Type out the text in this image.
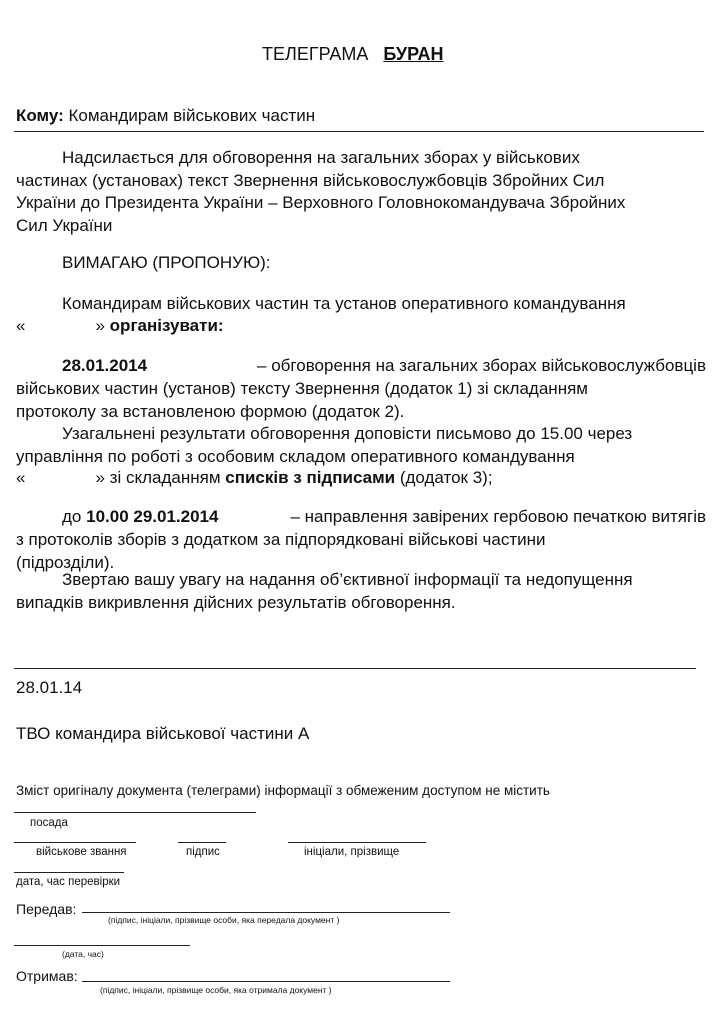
ТЕЛЕГРАМА БУРАН
Кому: Командирам військових частин
Надсилається для обговорення на загальних зборах у військових
частинах (установах) текст Звернення військовослужбовців Збройних Сил
України до Президента України – Верховного Головнокомандувача Збройних
Сил України
ВИМАГАЮ (ПРОПОНУЮ):
Командирам військових частин та установ оперативного командування
«	» організувати:
28.01.2014	– обговорення на загальних зборах військовослужбовців
військових частин (установ) тексту Звернення (додаток 1) зі складанням
протоколу за встановленою формою (додаток 2).
Узагальнені результати обговорення доповісти письмово до 15.00 через
управління по роботі з особовим складом оперативного командування
«	» зі складанням списків з підписами (додаток 3);
до 10.00 29.01.2014	– направлення завірених гербовою печаткою витягів
з протоколів зборів з додатком за підпорядковані військові частини
(підрозділи).
Звертаю вашу увагу на надання об’єктивної інформації та недопущення
випадків викривлення дійсних результатів обговорення.
28.01.14
ТВО командира військової частини А
Зміст оригіналу документа (телеграми) інформації з обмеженим доступом не містить
посада
військове звання	підпис	ініціали, прізвище
дата, час перевірки
Передав:
(підпис, ініціали, прізвище особи, яка передала документ )
(дата, час)
Отримав:
(підпис, ініціали, прізвище особи, яка отримала документ )
